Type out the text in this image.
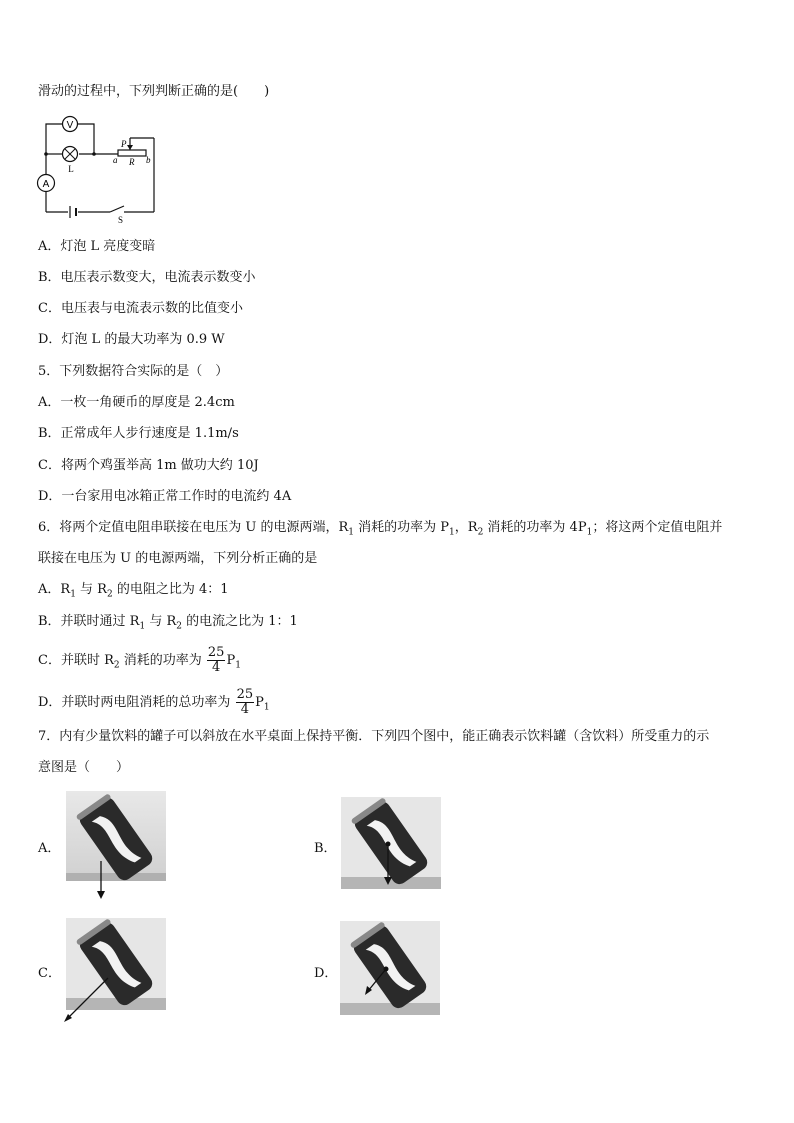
滑动的过程中，下列判断正确的是(　　)
V
L
A
P
a R b
S
A．灯泡 L 亮度变暗
B．电压表示数变大，电流表示数变小
C．电压表与电流表示数的比值变小
D．灯泡 L 的最大功率为 0.9 W
5．下列数据符合实际的是（　）
A．一枚一角硬币的厚度是 2.4cm
B．正常成年人步行速度是 1.1m/s
C．将两个鸡蛋举高 1m 做功大约 10J
D．一台家用电冰箱正常工作时的电流约 4A
6．将两个定值电阻串联接在电压为 U 的电源两端，$R_1$ 消耗的功率为 $P_1$，$R_2$ 消耗的功率为 $4P_1$；将这两个定值电阻并
联接在电压为 U 的电源两端，下列分析正确的是
A．$R_1$ 与 $R_2$ 的电阻之比为 4：1
B．并联时通过 $R_1$ 与 $R_2$ 的电流之比为 1：1
C．并联时 $R_2$ 消耗的功率为 $\frac{25}{4} P_1$
D．并联时两电阻消耗的总功率为 $\frac{25}{4} P_1$
7．内有少量饮料的罐子可以斜放在水平桌面上保持平衡．下列四个图中，能正确表示饮料罐（含饮料）所受重力的示
意图是（　　）
A．	B．
C．	D．
